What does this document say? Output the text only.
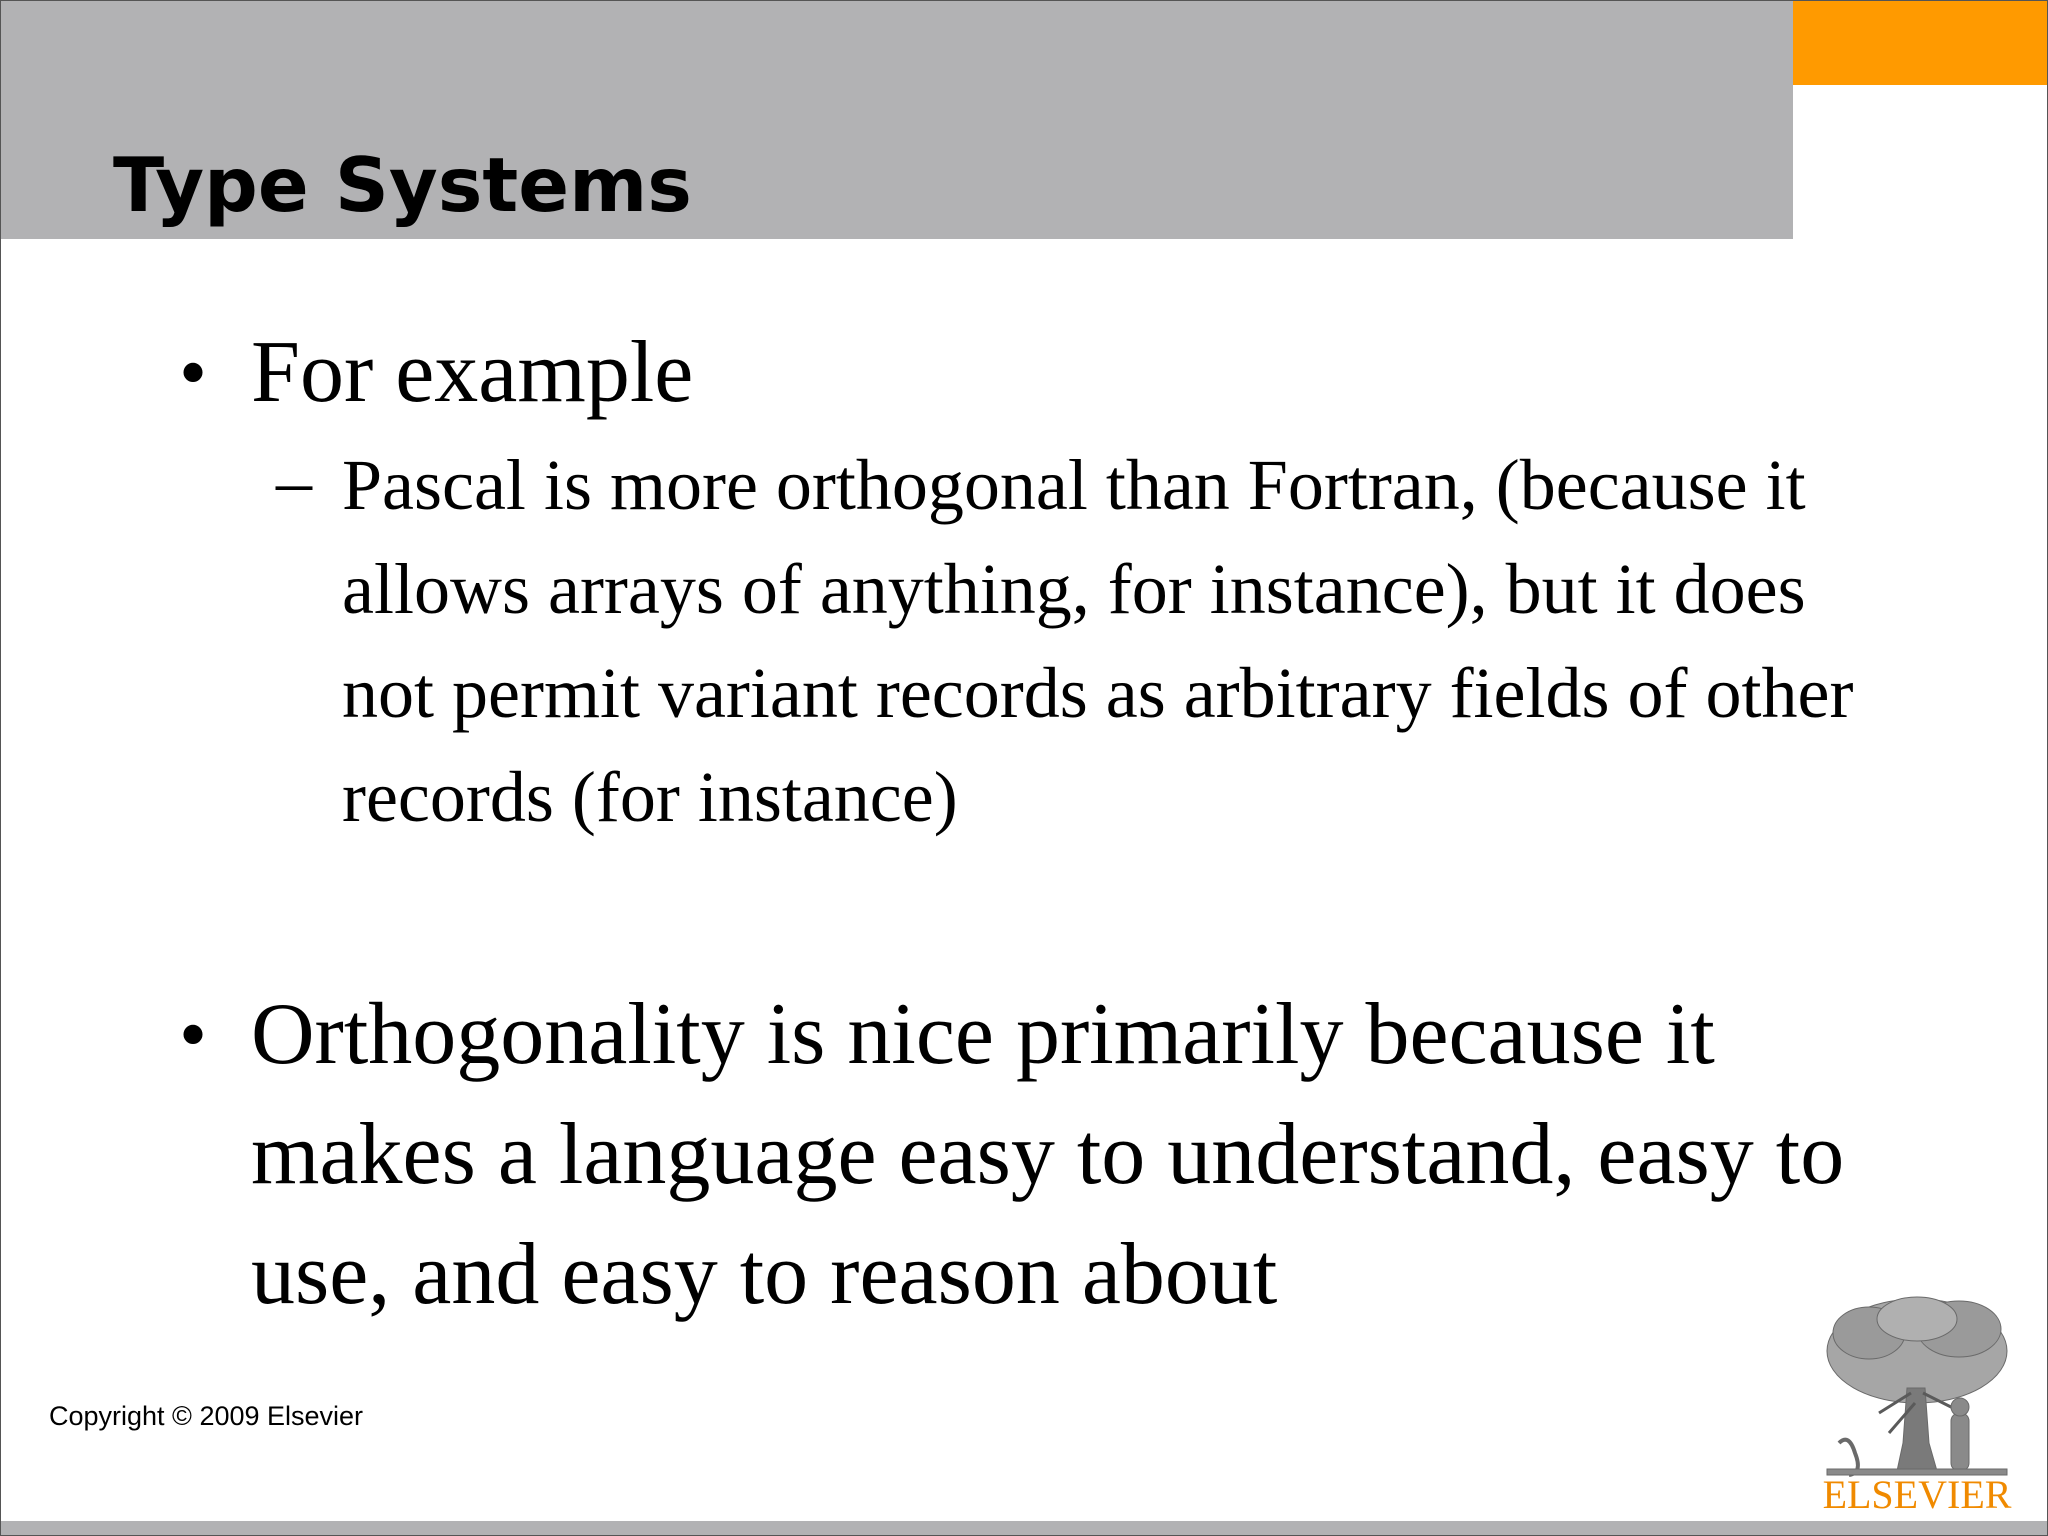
Type Systems
• For example
– Pascal is more orthogonal than Fortran, (because it allows arrays of anything, for instance), but it does not permit variant records as arbitrary fields of other records (for instance)
• Orthogonality is nice primarily because it makes a language easy to understand, easy to use, and easy to reason about
Copyright © 2009 Elsevier
ELSEVIER
